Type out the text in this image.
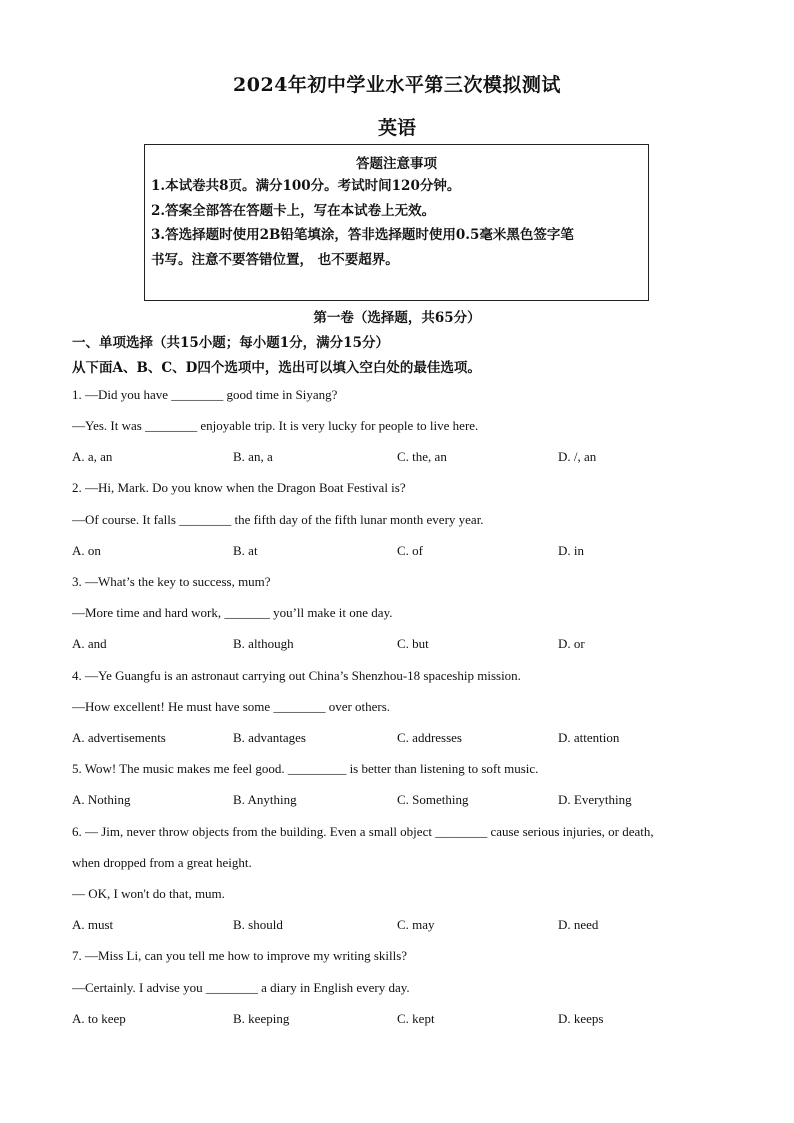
2024年初中学业水平第三次模拟测试
英语
答题注意事项
1.本试卷共8页。满分100分。考试时间120分钟。
2.答案全部答在答题卡上，写在本试卷上无效。
3.答选择题时使用2B铅笔填涂，答非选择题时使用0.5毫米黑色签字笔
书写。注意不要答错位置， 也不要超界。
第一卷（选择题，共65分）
一、单项选择（共15小题；每小题1分，满分15分）
从下面A、B、C、D四个选项中，选出可以填入空白处的最佳选项。
1. —Did you have ________ good time in Siyang?
—Yes. It was ________ enjoyable trip. It is very lucky for people to live here.
A. a, an	B. an, a	C. the, an	D. /, an
2. —Hi, Mark. Do you know when the Dragon Boat Festival is?
—Of course. It falls ________ the fifth day of the fifth lunar month every year.
A. on	B. at	C. of	D. in
3. —What’s the key to success, mum?
—More time and hard work, _______ you’ll make it one day.
A. and	B. although	C. but	D. or
4. —Ye Guangfu is an astronaut carrying out China’s Shenzhou-18 spaceship mission.
—How excellent! He must have some ________ over others.
A. advertisements	B. advantages	C. addresses	D. attention
5. Wow! The music makes me feel good. _________ is better than listening to soft music.
A. Nothing	B. Anything	C. Something	D. Everything
6. — Jim, never throw objects from the building. Even a small object ________ cause serious injuries, or death,
when dropped from a great height.
— OK, I won't do that, mum.
A. must	B. should	C. may	D. need
7. —Miss Li, can you tell me how to improve my writing skills?
—Certainly. I advise you ________ a diary in English every day.
A. to keep	B. keeping	C. kept	D. keeps
